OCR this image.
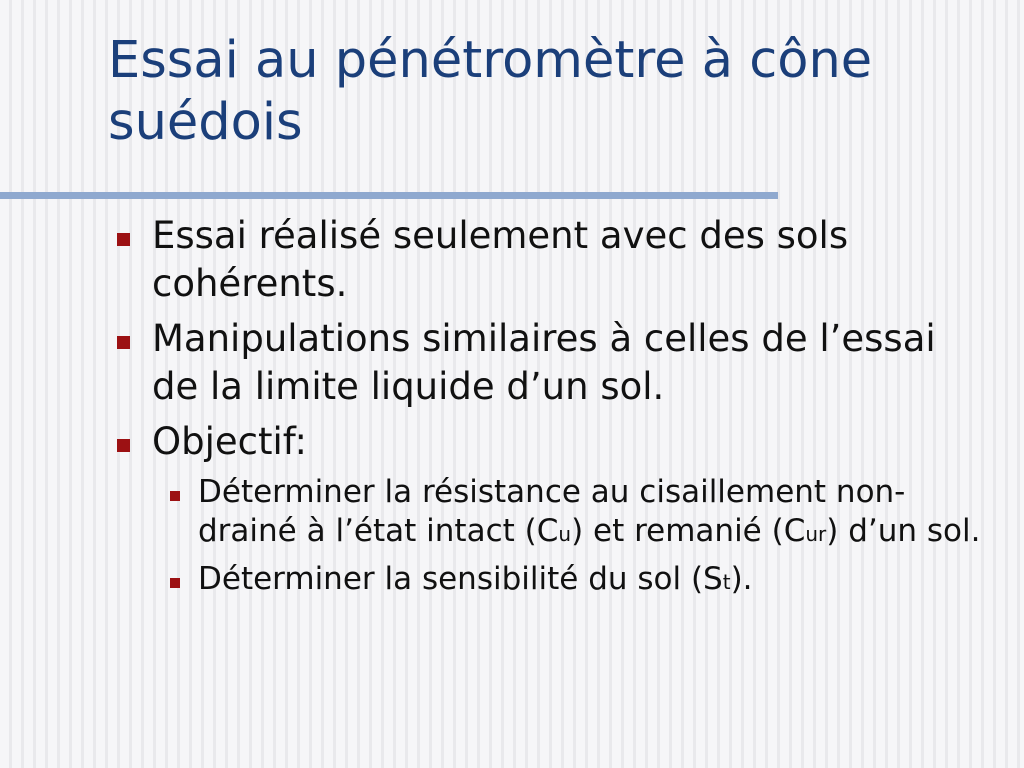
Essai au pénétromètre à cône suédois
Essai réalisé seulement avec des sols cohérents.
Manipulations similaires à celles de l’essai de la limite liquide d’un sol.
Objectif:
Déterminer la résistance au cisaillement non-drainé à l’état intact (Cu) et remanié (Cur) d’un sol.
Déterminer la sensibilité du sol (St).
